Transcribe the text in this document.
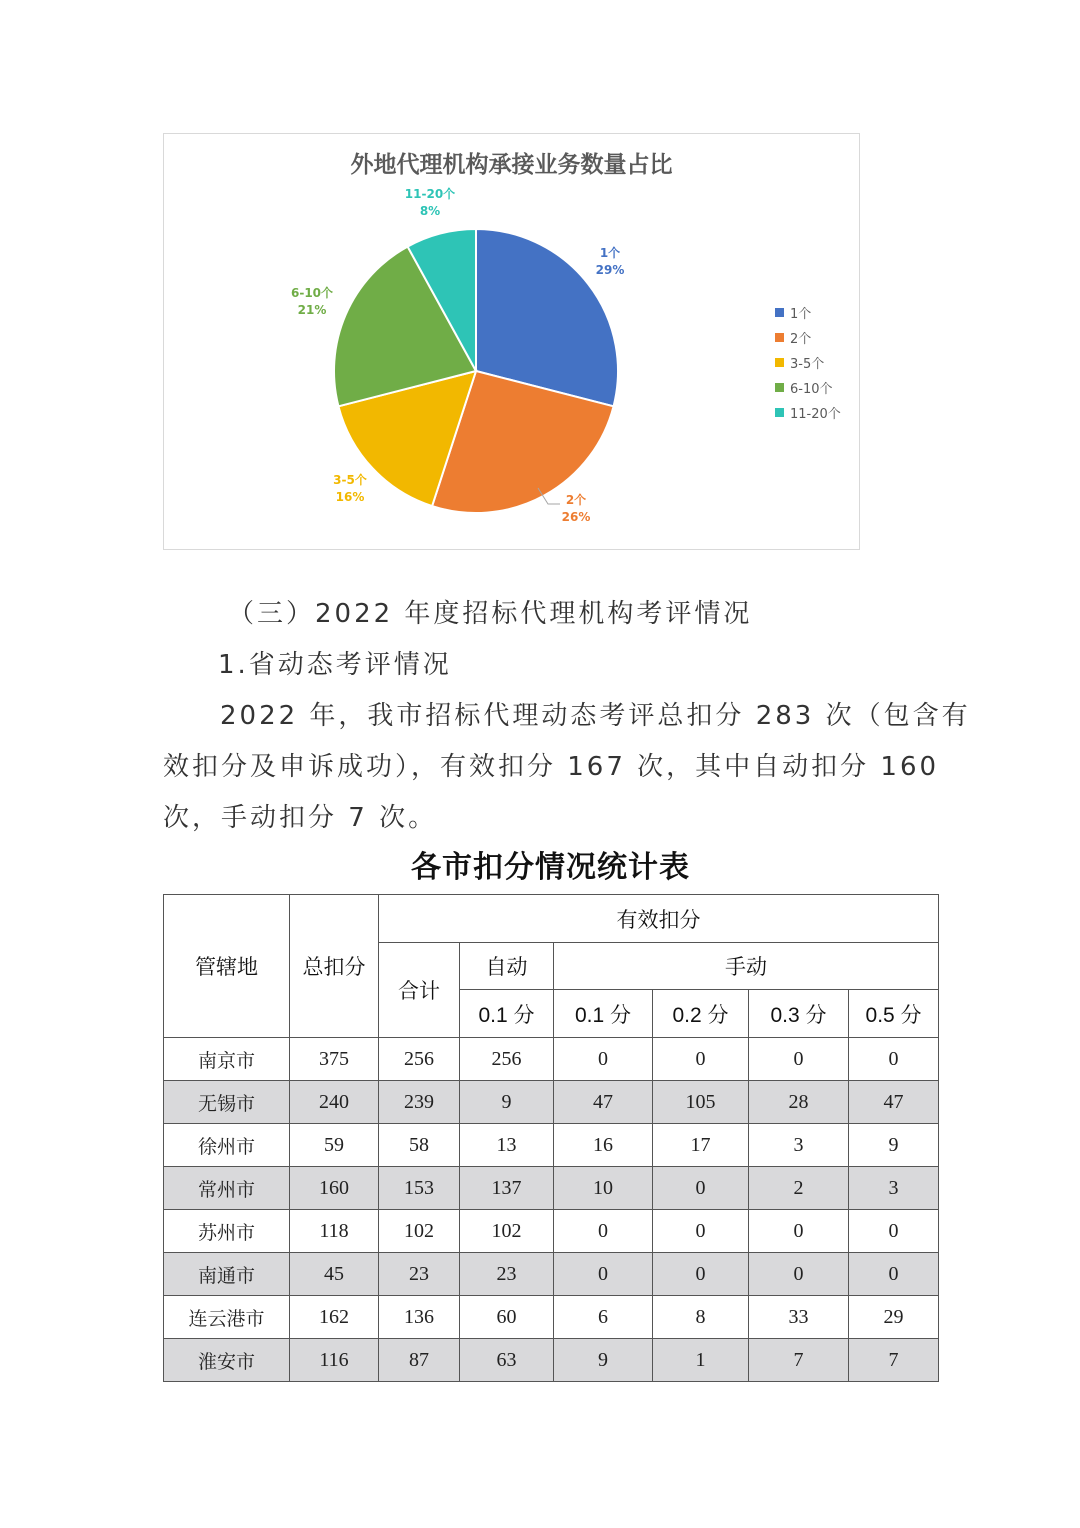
外地代理机构承接业务数量占比
1个
29%
2个
26%
3-5个
16%
6-10个
21%
11-20个
8%
1个
2个
3-5个
6-10个
11-20个
（三）2022 年度招标代理机构考评情况
1.省动态考评情况
2022 年，我市招标代理动态考评总扣分 283 次（包含有
效扣分及申诉成功），有效扣分 167 次，其中自动扣分 160
次，手动扣分 7 次。
各市扣分情况统计表
管辖地	总扣分	有效扣分					
		合计	自动	手动			
			0.1 分	0.1 分	0.2 分	0.3 分	0.5 分
南京市	375	256	256	0	0	0	0
无锡市	240	239	9	47	105	28	47
徐州市	59	58	13	16	17	3	9
常州市	160	153	137	10	0	2	3
苏州市	118	102	102	0	0	0	0
南通市	45	23	23	0	0	0	0
连云港市	162	136	60	6	8	33	29
淮安市	116	87	63	9	1	7	7
